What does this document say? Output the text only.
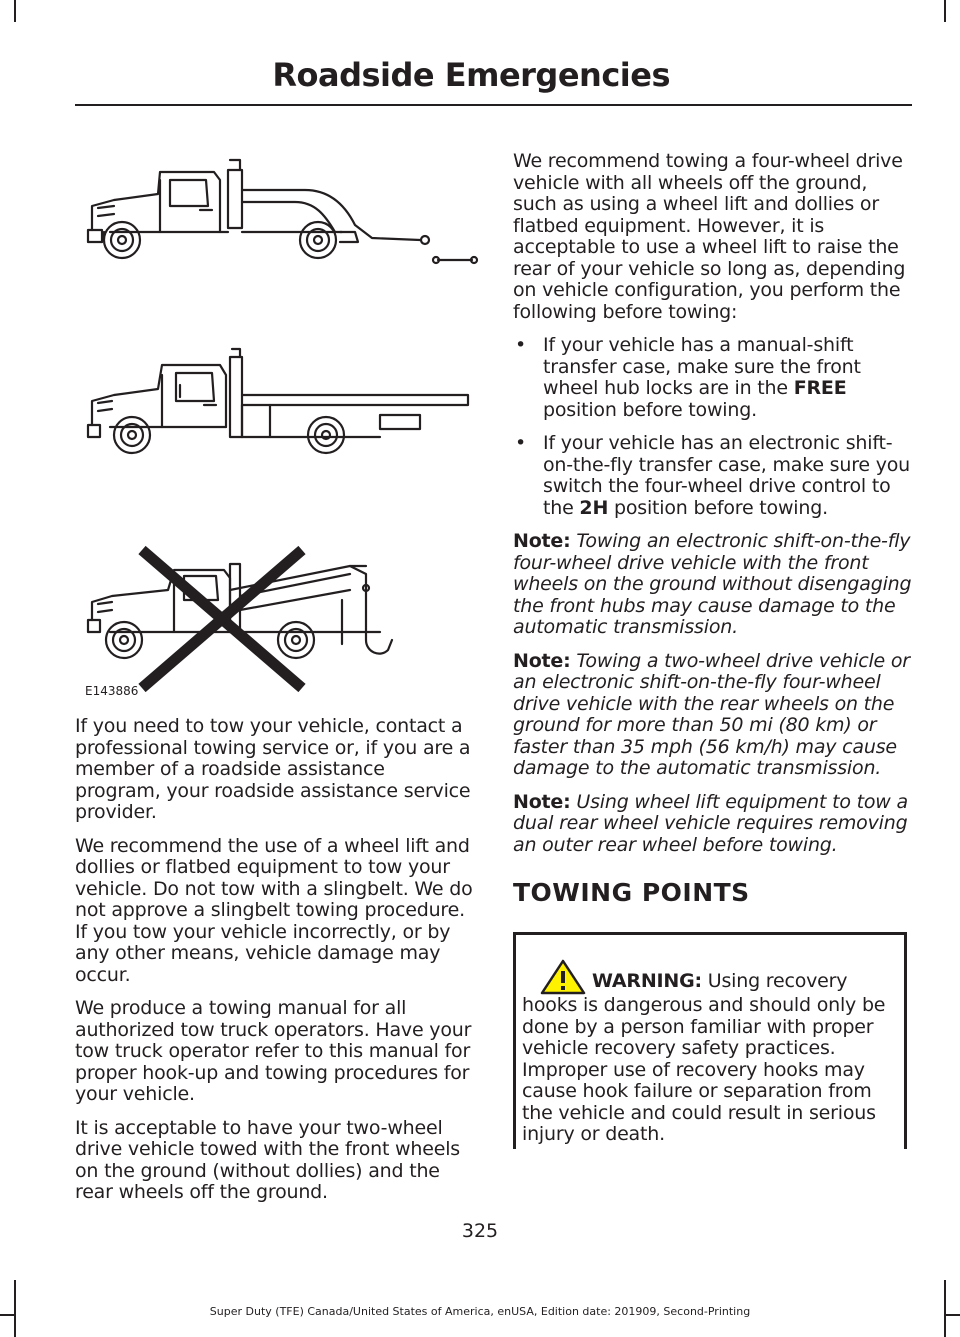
Roadside Emergencies
E143886

If you need to tow your vehicle, contact a professional towing service or, if you are a member of a roadside assistance program, your roadside assistance service provider.

We recommend the use of a wheel lift and dollies or flatbed equipment to tow your vehicle. Do not tow with a slingbelt. We do not approve a slingbelt towing procedure. If you tow your vehicle incorrectly, or by any other means, vehicle damage may occur.

We produce a towing manual for all authorized tow truck operators. Have your tow truck operator refer to this manual for proper hook-up and towing procedures for your vehicle.

It is acceptable to have your two-wheel drive vehicle towed with the front wheels on the ground (without dollies) and the rear wheels off the ground.

We recommend towing a four-wheel drive vehicle with all wheels off the ground, such as using a wheel lift and dollies or flatbed equipment. However, it is acceptable to use a wheel lift to raise the rear of your vehicle so long as, depending on vehicle configuration, you perform the following before towing:

• If your vehicle has a manual-shift transfer case, make sure the front wheel hub locks are in the FREE position before towing.
• If your vehicle has an electronic shift-on-the-fly transfer case, make sure you switch the four-wheel drive control to the 2H position before towing.

Note: Towing an electronic shift-on-the-fly four-wheel drive vehicle with the front wheels on the ground without disengaging the front hubs may cause damage to the automatic transmission.

Note: Towing a two-wheel drive vehicle or an electronic shift-on-the-fly four-wheel drive vehicle with the rear wheels on the ground for more than 50 mi (80 km) or faster than 35 mph (56 km/h) may cause damage to the automatic transmission.

Note: Using wheel lift equipment to tow a dual rear wheel vehicle requires removing an outer rear wheel before towing.

TOWING POINTS

WARNING: Using recovery hooks is dangerous and should only be done by a person familiar with proper vehicle recovery safety practices. Improper use of recovery hooks may cause hook failure or separation from the vehicle and could result in serious injury or death.

325
Super Duty (TFE) Canada/United States of America, enUSA, Edition date: 201909, Second-Printing
